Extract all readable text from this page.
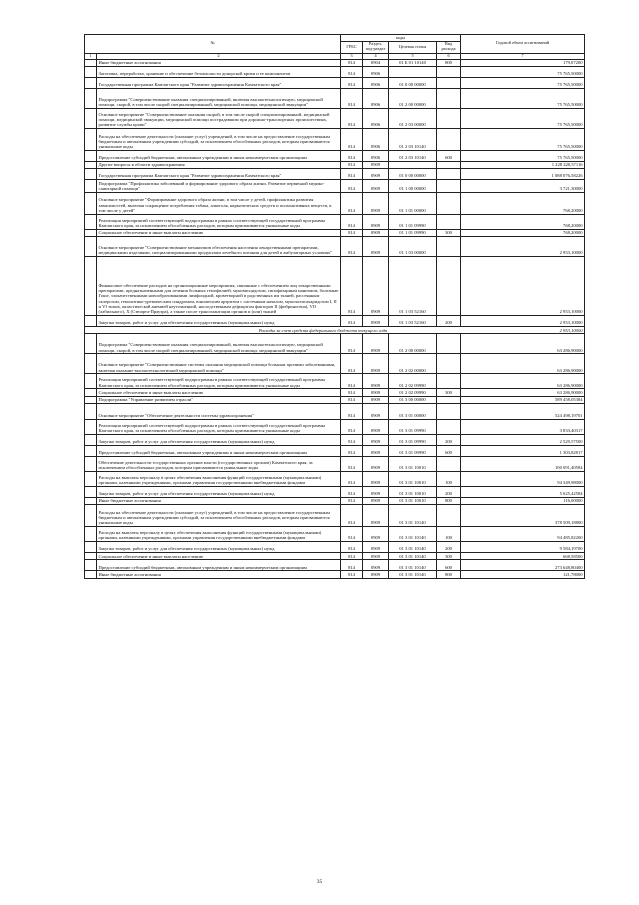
№		коды				Годовой объем ассигнований
		ГРБС	Раздел, под-раздел	Целевая статья	Вид расхода	
1	2	3	4	5	6	7
	Иные бюджетные ассигнования	814	0904	01 Б 01 10140	800	179,07200
	Заготовка, переработка, хранение и обеспечение безопасности донорской крови и ее компонентов	814	0906			75 765,50000
	Государственная программа Камчатского края "Развитие здравоохранения Камчатского края"	814	0906	01 0 00 00000		75 765,50000
	Подпрограмма "Совершенствование оказания специализированной, включая высокотехнологичную, медицинской помощи, скорой, в том числе скорой специализированной, медицинской помощи, медицинской эвакуации"	814	0906	01 2 00 00000		75 765,50000
	Основное мероприятие "Совершенствование оказания скорой, в том числе скорой специализированной, медицинской помощи, медицинской эвакуации, медицинской помощи пострадавшим при дорожно-транспортных происшествиях, развитие службы крови"	814	0906	01 2 03 00000		75 765,50000
	Расходы на обеспечение деятельности (оказание услуг) учреждений, в том числе на предоставление государственным бюджетным и автономным учреждениям субсидий, за исключением обособленных расходов, которым присваиваются уникальные коды	814	0906	01 2 03 10140		75 765,50000
	Предоставление субсидий бюджетным, автономным учреждениям и иным некоммерческим организациям	814	0906	01 2 03 10140	600	75 765,50000
	Другие вопросы в области здравоохранения	814	0909			1 228 220,57116
	Государственная программа Камчатского края "Развитие здравоохранения Камчатского края"	814	0909	01 0 00 00000		1 088 076,58226
	Подпрограмма "Профилактика заболеваний и формирование здорового образа жизни. Развитие первичной медико-санитарной помощи"	814	0909	01 1 00 00000		3 721,30000
	Основное мероприятие "Формирование здорового образа жизни, в том числе у детей, профилактика развития зависимостей, включая сокращение потребления табака, алкоголя, наркотических средств и психоактивных веществ, в том числе у детей"	814	0909	01 1 01 00000		768,20000
	Реализация мероприятий соответствующей подпрограммы в рамках соответствующей государственной программы Камчатского края, за исключением обособленных расходов, которым присваиваются уникальные коды	814	0909	01 1 01 09990		768,20000
	Социальное обеспечение и иные выплаты населению	814	0909	01 1 01 09990	300	768,20000
	Основное мероприятие "Совершенствование механизмов обеспечения населения лекарственными препаратами, медицинскими изделиями, специализированными продуктами лечебного питания для детей в амбулаторных условиях"	814	0909	01 1 03 00000		2 953,10000
	Финансовое обеспечение расходов на организационные мероприятия, связанные с обеспечением лиц лекарственными препаратами, предназначенными для лечения больных гемофилией, муковисцидозом, гипофизарным нанизмом, болезнью Гоше, злокачественными новообразованиями лимфоидной, кроветворной и родственных им тканей, рассеянным склерозом, гемолитико-уремическим синдромом, юношеским артритом с системным началом, мукополисахаридозом I, II и VI типов, апластической анемией неуточненной, наследственным дефицитом факторов II (фибриногена), VII (лабильного), X (Стюарта-Прауэра), а также после трансплантации органов и (или) тканей	814	0909	01 1 03 52160		2 953,10000
	Закупка товаров, работ и услуг для обеспечения государственных (муниципальных) нужд	814	0909	01 1 03 52160	200	2 953,10000
Расходы за счет средств федерального бюджета текущего года 2 953,10000						

	Подпрограмма "Совершенствование оказания специализированной, включая высокотехнологичную, медицинской помощи, скорой, в том числе скорой специализированной, медицинской помощи, медицинской эвакуации"	814	0909	01 2 00 00000		63 286,90000
	Основное мероприятие "Совершенствование системы оказания медицинской помощи больным прочими заболеваниями, включая оказание высокотехнологичной медицинской помощи"	814	0909	01 2 02 00000		63 286,90000
	Реализация мероприятий соответствующей подпрограммы в рамках соответствующей государственной программы Камчатского края, за исключением обособленных расходов, которым присваиваются уникальные коды	814	0909	01 2 02 09990		63 286,90000
	Социальное обеспечение и иные выплаты населению	814	0909	01 2 02 09990	300	63 286,90000
	Подпрограмма "Управление развитием отрасли"	814	0909	01 3 00 00000		589 458,05384
	Основное мероприятие "Обеспечение деятельности системы здравоохранения"	814	0909	01 3 01 00000		524 498,19701
	Реализация мероприятий соответствующей подпрограммы в рамках соответствующей государственной программы Камчатского края, за исключением обособленных расходов, которым присваиваются уникальные коды	814	0909	01 3 01 09990		3 833,40317
	Закупка товаров, работ и услуг для обеспечения государственных (муниципальных) нужд	814	0909	01 3 01 09990	200	2 529,57500
	Предоставление субсидий бюджетным, автономным учреждениям и иным некоммерческим организациям	814	0909	01 3 01 09990	600	1 303,82817
	Обеспечение деятельности государственных органов власти (государственных органов) Камчатского края, за исключением обособленных расходов, которым присваиваются уникальные коды	814	0909	01 3 01 10010		100 091,40584
	Расходы на выплаты персоналу в целях обеспечения выполнения функций государственными (муниципальными) органами, казенными учреждениями, органами управления государственными внебюджетными фондами	814	0909	01 3 01 10010	100	94 349,98000
	Закупка товаров, работ и услуг для обеспечения государственных (муниципальных) нужд	814	0909	01 3 01 10010	200	5 625,42584
	Иные бюджетные ассигнования	814	0909	01 3 01 10010	800	116,00000
	Расходы на обеспечение деятельности (оказание услуг) учреждений, в том числе на предоставление государственным бюджетным и автономным учреждениям субсидий, за исключением обособленных расходов, которым присваиваются уникальные коды	814	0909	01 3 01 10140		378 509,18800
	Расходы на выплаты персоналу в целях обеспечения выполнения функций государственными (муниципальными) органами, казенными учреждениями, органами управления государственными внебюджетными фондами	814	0909	01 3 01 10140	100	94 485,82200
	Закупка товаров, работ и услуг для обеспечения государственных (муниципальных) нужд	814	0909	01 3 01 10140	200	9 584,19700
	Социальное обеспечение и иные выплаты населению	814	0909	01 3 01 10140	300	668,58500
	Предоставление субсидий бюджетным, автономным учреждениям и иным некоммерческим организациям	814	0909	01 3 01 10140	600	273 648,80400
	Иные бюджетные ассигнования	814	0909	01 3 01 10140	800	121,78000
35
